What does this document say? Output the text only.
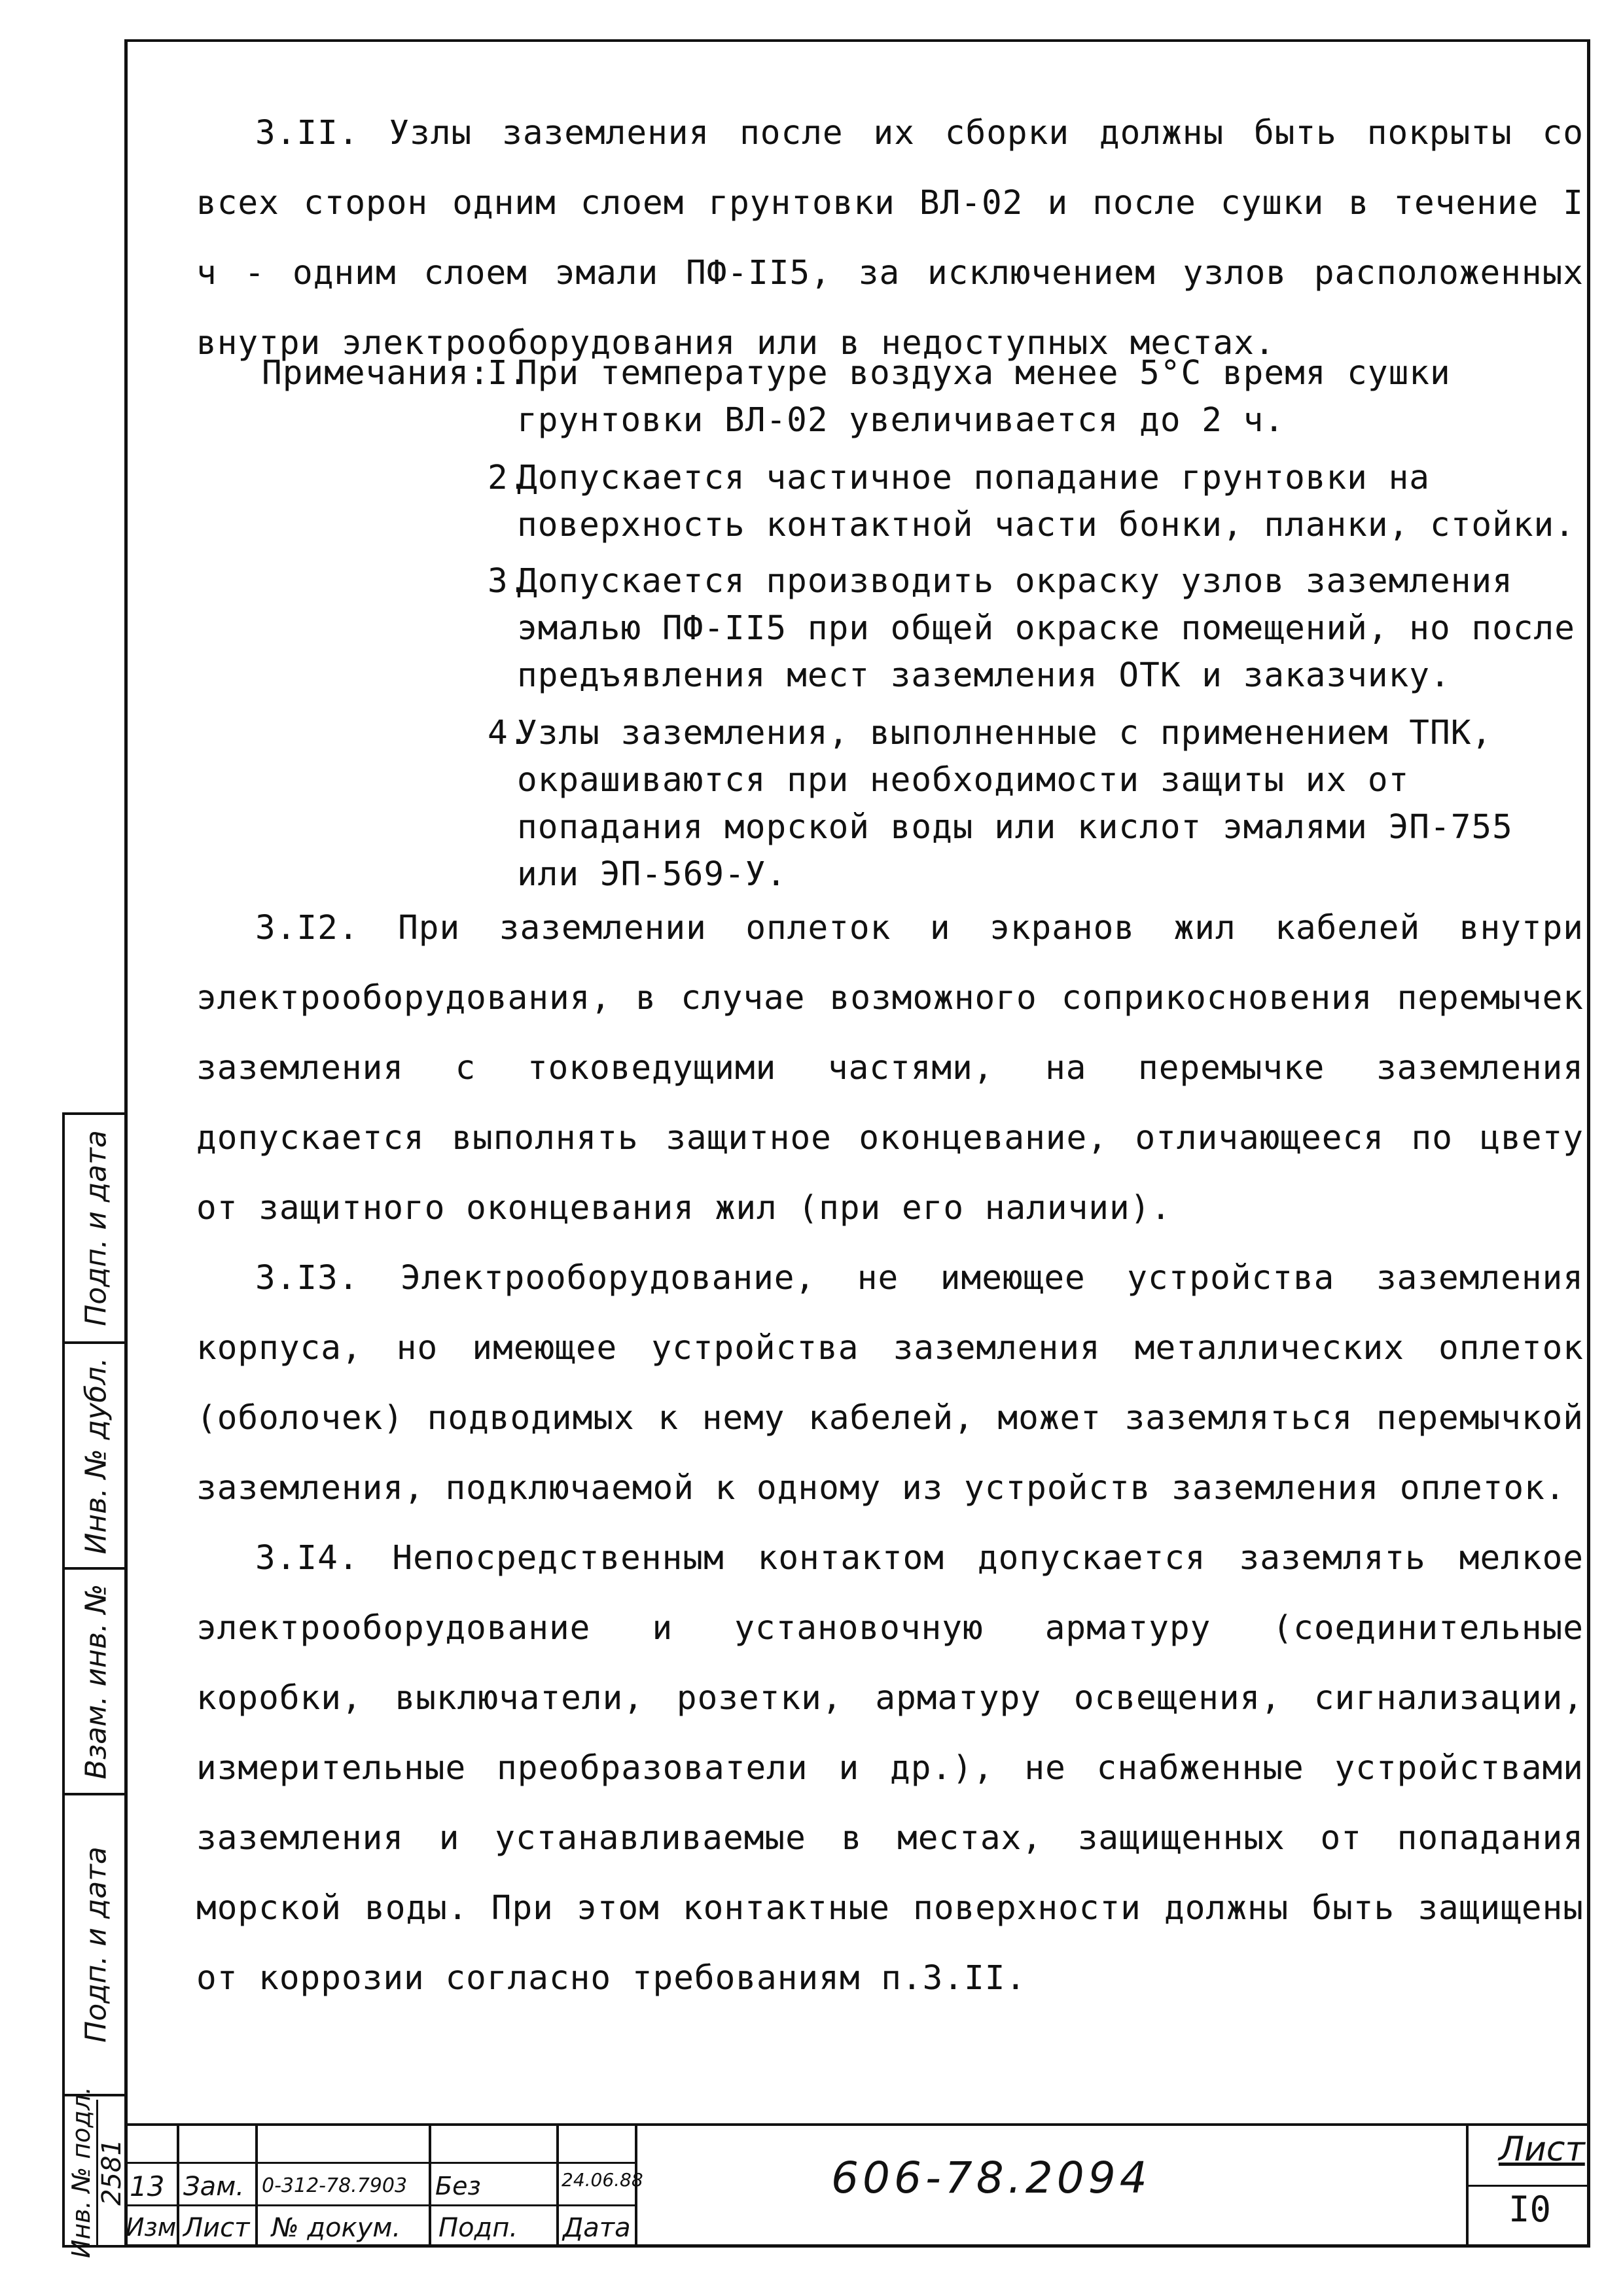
3.II. Узлы заземления после их сборки должны быть покрыты со всех сторон одним слоем грунтовки ВЛ-02 и после сушки в течение I ч - одним слоем эмали ПФ-II5, за исключением узлов расположенных внутри электрооборудования или в недоступных местах.

Примечания:
I.
При температуре воздуха менее 5°С время сушки грунтовки ВЛ-02 увеличивается до 2 ч.
2.
Допускается частичное попадание грунтовки на поверхность контактной части бонки, планки, стойки.
3.
Допускается производить окраску узлов заземления эмалью ПФ-II5 при общей окраске помещений, но после предъявления мест заземления ОТК и заказчику.
4.
Узлы заземления, выполненные с применением ТПК, окрашиваются при необходимости защиты их от попадания морской воды или кислот эмалями ЭП-755 или ЭП-569-У.

3.I2. При заземлении оплеток и экранов жил кабелей внутри электрооборудования, в случае возможного соприкосновения перемычек заземления с токоведущими частями, на перемычке заземления допускается выполнять защитное оконцевание, отличающееся по цвету от защитного оконцевания жил (при его наличии).

3.I3. Электрооборудование, не имеющее устройства заземления корпуса, но имеющее устройства заземления металлических оплеток (оболочек) подводимых к нему кабелей, может заземляться перемычкой заземления, подключаемой к одному из устройств заземления оплеток.

3.I4. Непосредственным контактом допускается заземлять мелкое электрооборудование и установочную арматуру (соединительные коробки, выключатели, розетки, арматуру освещения, сигнализации, измерительные преобразователи и др.), не снабженные устройствами заземления и устанавливаемые в местах, защищенных от попадания морской воды. При этом контактные поверхности должны быть защищены от коррозии согласно требованиям п.3.II.

Подп. и дата
Инв. № дубл.
Взам. инв. №
Подп. и дата
Инв. № подл. 2581 13 Зам. 0-312-78.7903 Без	24.06.88
Изм Лист № докум. Подп. Дата
606-78.2094
Лист
I0
